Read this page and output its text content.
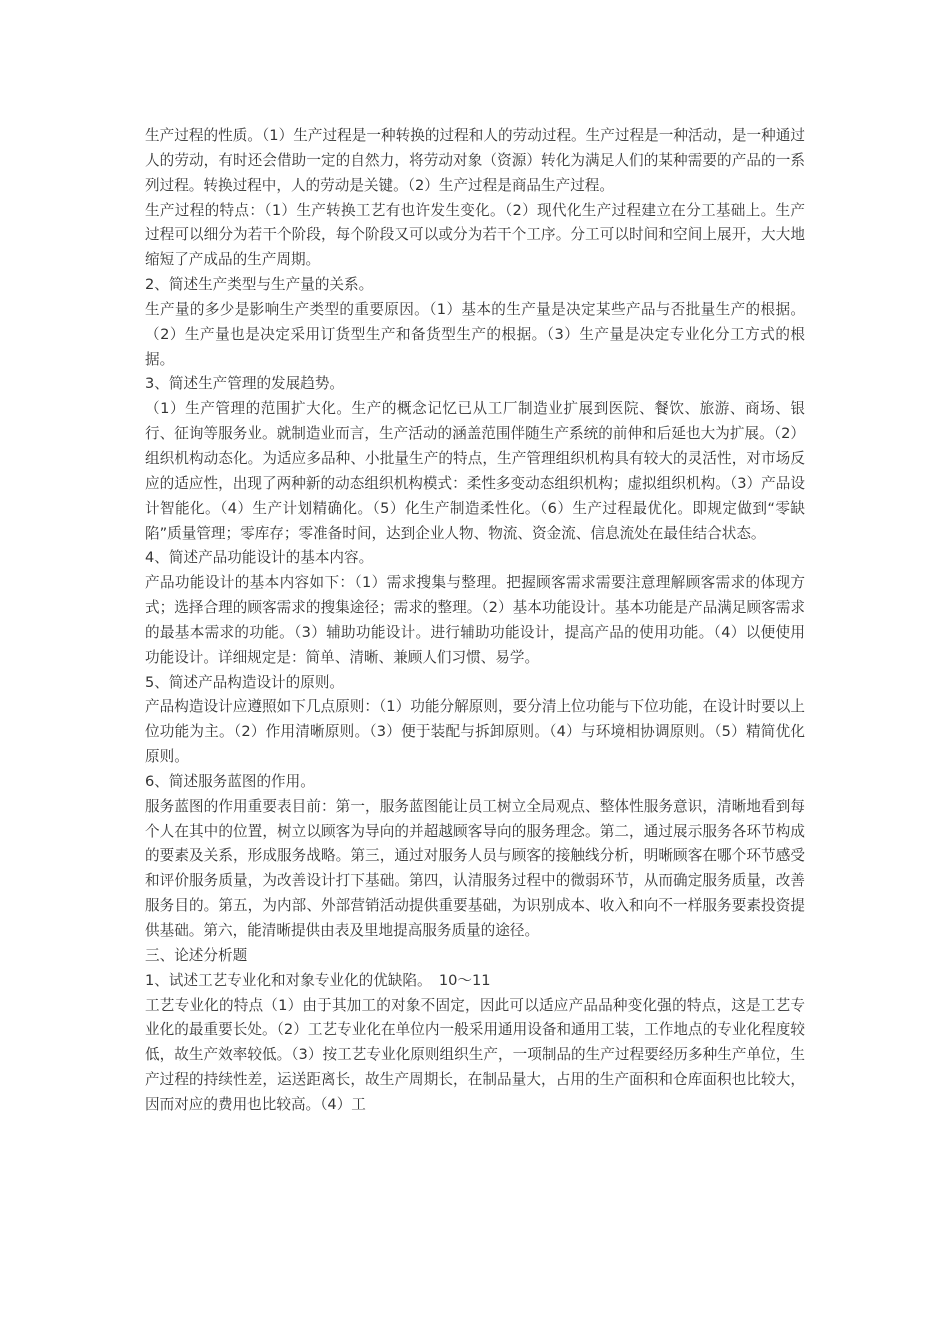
生产过程的性质。（1）生产过程是一种转换的过程和人的劳动过程。生产过程是一种活动，是一种通过人的劳动，有时还会借助一定的自然力，将劳动对象（资源）转化为满足人们的某种需要的产品的一系列过程。转换过程中，人的劳动是关键。（2）生产过程是商品生产过程。

生产过程的特点：（1）生产转换工艺有也许发生变化。（2）现代化生产过程建立在分工基础上。生产过程可以细分为若干个阶段，每个阶段又可以或分为若干个工序。分工可以时间和空间上展开，大大地缩短了产成品的生产周期。

2、简述生产类型与生产量的关系。

生产量的多少是影响生产类型的重要原因。（1）基本的生产量是决定某些产品与否批量生产的根据。（2）生产量也是决定采用订货型生产和备货型生产的根据。（3）生产量是决定专业化分工方式的根据。

3、简述生产管理的发展趋势。

（1）生产管理的范围扩大化。生产的概念记忆已从工厂制造业扩展到医院、餐饮、旅游、商场、银行、征询等服务业。就制造业而言，生产活动的涵盖范围伴随生产系统的前伸和后延也大为扩展。（2）组织机构动态化。为适应多品种、小批量生产的特点，生产管理组织机构具有较大的灵活性，对市场反应的适应性，出现了两种新的动态组织机构模式：柔性多变动态组织机构；虚拟组织机构。（3）产品设计智能化。（4）生产计划精确化。（5）化生产制造柔性化。（6）生产过程最优化。即规定做到“零缺陷”质量管理；零库存；零准备时间，达到企业人物、物流、资金流、信息流处在最佳结合状态。

4、简述产品功能设计的基本内容。

产品功能设计的基本内容如下：（1）需求搜集与整理。把握顾客需求需要注意理解顾客需求的体现方式；选择合理的顾客需求的搜集途径；需求的整理。（2）基本功能设计。基本功能是产品满足顾客需求的最基本需求的功能。（3）辅助功能设计。进行辅助功能设计，提高产品的使用功能。（4）以便使用功能设计。详细规定是：简单、清晰、兼顾人们习惯、易学。

5、简述产品构造设计的原则。

产品构造设计应遵照如下几点原则：（1）功能分解原则，要分清上位功能与下位功能，在设计时要以上位功能为主。（2）作用清晰原则。（3）便于装配与拆卸原则。（4）与环境相协调原则。（5）精简优化原则。

6、简述服务蓝图的作用。

服务蓝图的作用重要表目前：第一，服务蓝图能让员工树立全局观点、整体性服务意识，清晰地看到每个人在其中的位置，树立以顾客为导向的并超越顾客导向的服务理念。第二，通过展示服务各环节构成的要素及关系，形成服务战略。第三，通过对服务人员与顾客的接触线分析，明晰顾客在哪个环节感受和评价服务质量，为改善设计打下基础。第四，认清服务过程中的微弱环节，从而确定服务质量，改善服务目的。第五，为内部、外部营销活动提供重要基础，为识别成本、收入和向不一样服务要素投资提供基础。第六，能清晰提供由表及里地提高服务质量的途径。

三、论述分析题

1、试述工艺专业化和对象专业化的优缺陷。　10～11

工艺专业化的特点（1）由于其加工的对象不固定，因此可以适应产品品种变化强的特点，这是工艺专业化的最重要长处。（2）工艺专业化在单位内一般采用通用设备和通用工装，工作地点的专业化程度较低，故生产效率较低。（3）按工艺专业化原则组织生产，一项制品的生产过程要经历多种生产单位，生产过程的持续性差，运送距离长，故生产周期长，在制品量大，占用的生产面积和仓库面积也比较大，因而对应的费用也比较高。（4）工
